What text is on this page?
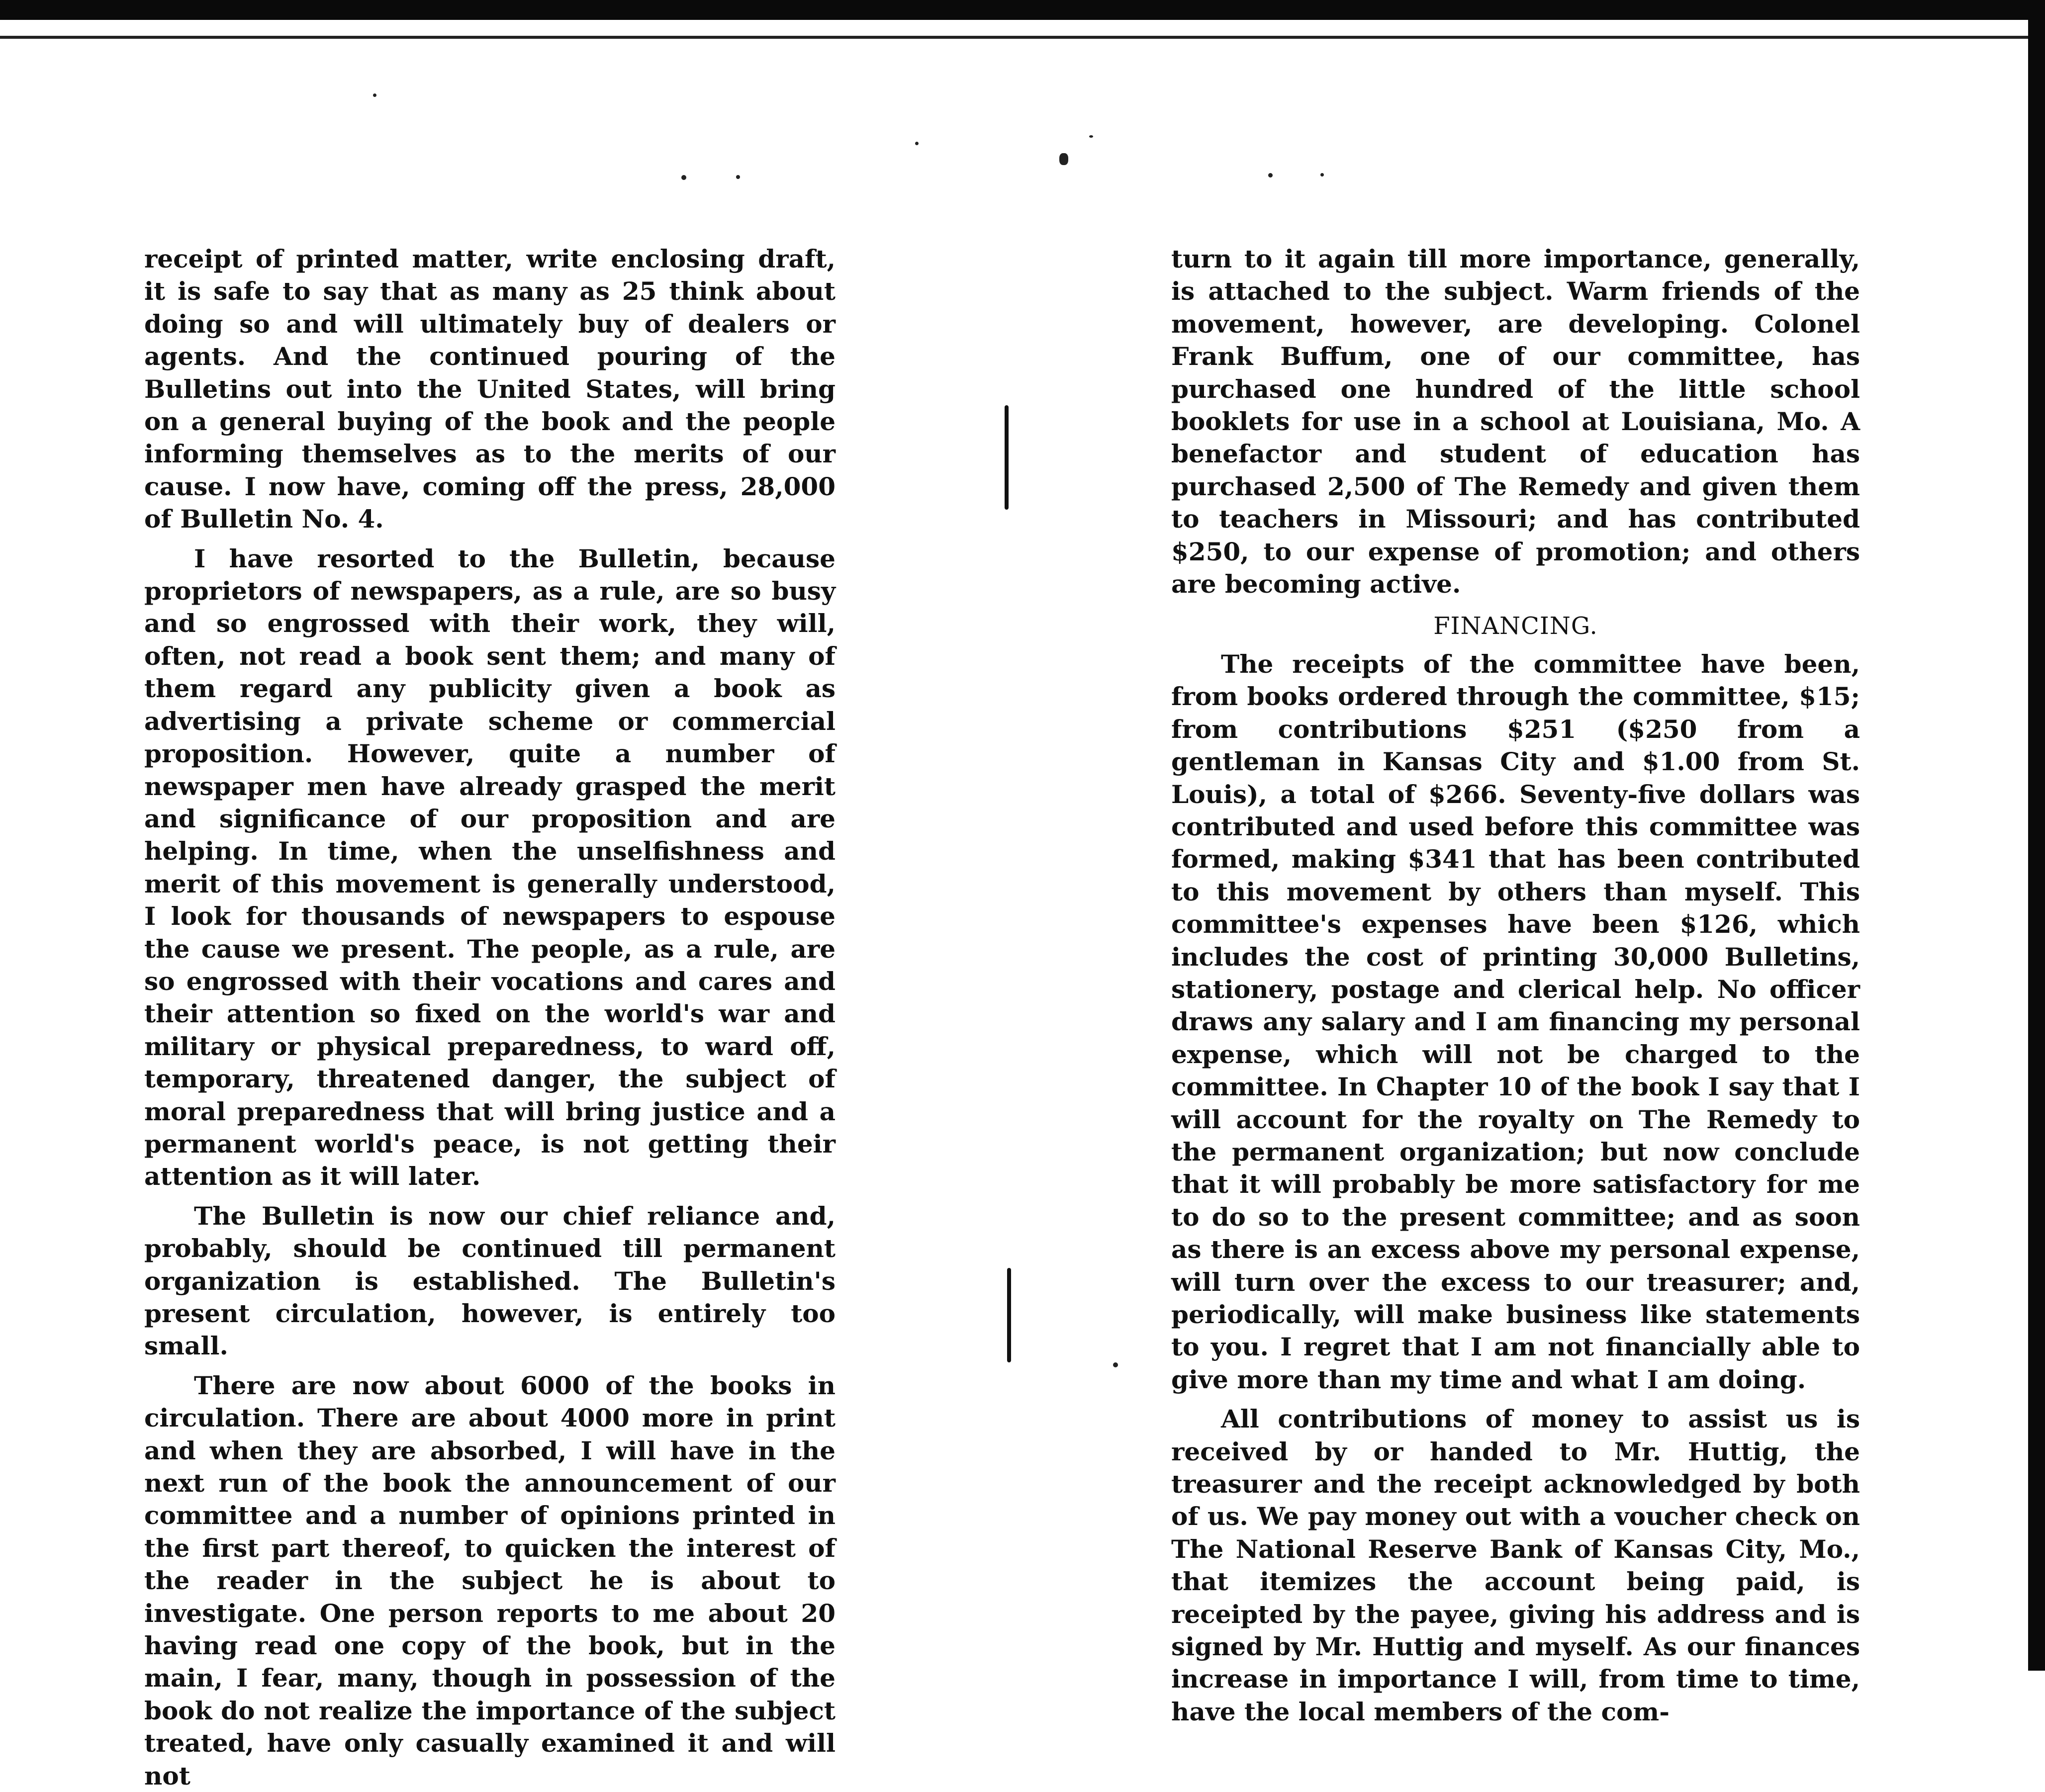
receipt of printed matter, write enclosing draft, it is safe to say that as many as 25 think about doing so and will ultimately buy of dealers or agents. And the continued pouring of the Bulletins out into the United States, will bring on a general buying of the book and the people informing themselves as to the merits of our cause. I now have, coming off the press, 28,000 of Bulletin No. 4.

I have resorted to the Bulletin, because proprietors of newspapers, as a rule, are so busy and so engrossed with their work, they will, often, not read a book sent them; and many of them regard any publicity given a book as advertising a private scheme or commercial proposition. However, quite a number of newspaper men have already grasped the merit and significance of our proposition and are helping. In time, when the unselfishness and merit of this movement is generally understood, I look for thousands of newspapers to espouse the cause we present. The people, as a rule, are so engrossed with their vocations and cares and their attention so fixed on the world's war and military or physical preparedness, to ward off, temporary, threatened danger, the subject of moral preparedness that will bring justice and a permanent world's peace, is not getting their attention as it will later.

The Bulletin is now our chief reliance and, probably, should be continued till permanent organization is established. The Bulletin's present circulation, however, is entirely too small.

There are now about 6000 of the books in circulation. There are about 4000 more in print and when they are absorbed, I will have in the next run of the book the announcement of our committee and a number of opinions printed in the first part thereof, to quicken the interest of the reader in the subject he is about to investigate. One person reports to me about 20 having read one copy of the book, but in the main, I fear, many, though in possession of the book do not realize the importance of the subject treated, have only casually examined it and will not

turn to it again till more importance, generally, is attached to the subject. Warm friends of the movement, however, are developing. Colonel Frank Buffum, one of our committee, has purchased one hundred of the little school booklets for use in a school at Louisiana, Mo. A benefactor and student of education has purchased 2,500 of The Remedy and given them to teachers in Missouri; and has contributed $250, to our expense of promotion; and others are becoming active.

FINANCING.

The receipts of the committee have been, from books ordered through the committee, $15; from contributions $251 ($250 from a gentleman in Kansas City and $1.00 from St. Louis), a total of $266. Seventy-five dollars was contributed and used before this committee was formed, making $341 that has been contributed to this movement by others than myself. This committee's expenses have been $126, which includes the cost of printing 30,000 Bulletins, stationery, postage and clerical help. No officer draws any salary and I am financing my personal expense, which will not be charged to the committee. In Chapter 10 of the book I say that I will account for the royalty on The Remedy to the permanent organization; but now conclude that it will probably be more satisfactory for me to do so to the present committee; and as soon as there is an excess above my personal expense, will turn over the excess to our treasurer; and, periodically, will make business like statements to you. I regret that I am not financially able to give more than my time and what I am doing.

All contributions of money to assist us is received by or handed to Mr. Huttig, the treasurer and the receipt acknowledged by both of us. We pay money out with a voucher check on The National Reserve Bank of Kansas City, Mo., that itemizes the account being paid, is receipted by the payee, giving his address and is signed by Mr. Huttig and myself. As our finances increase in importance I will, from time to time, have the local members of the com-
